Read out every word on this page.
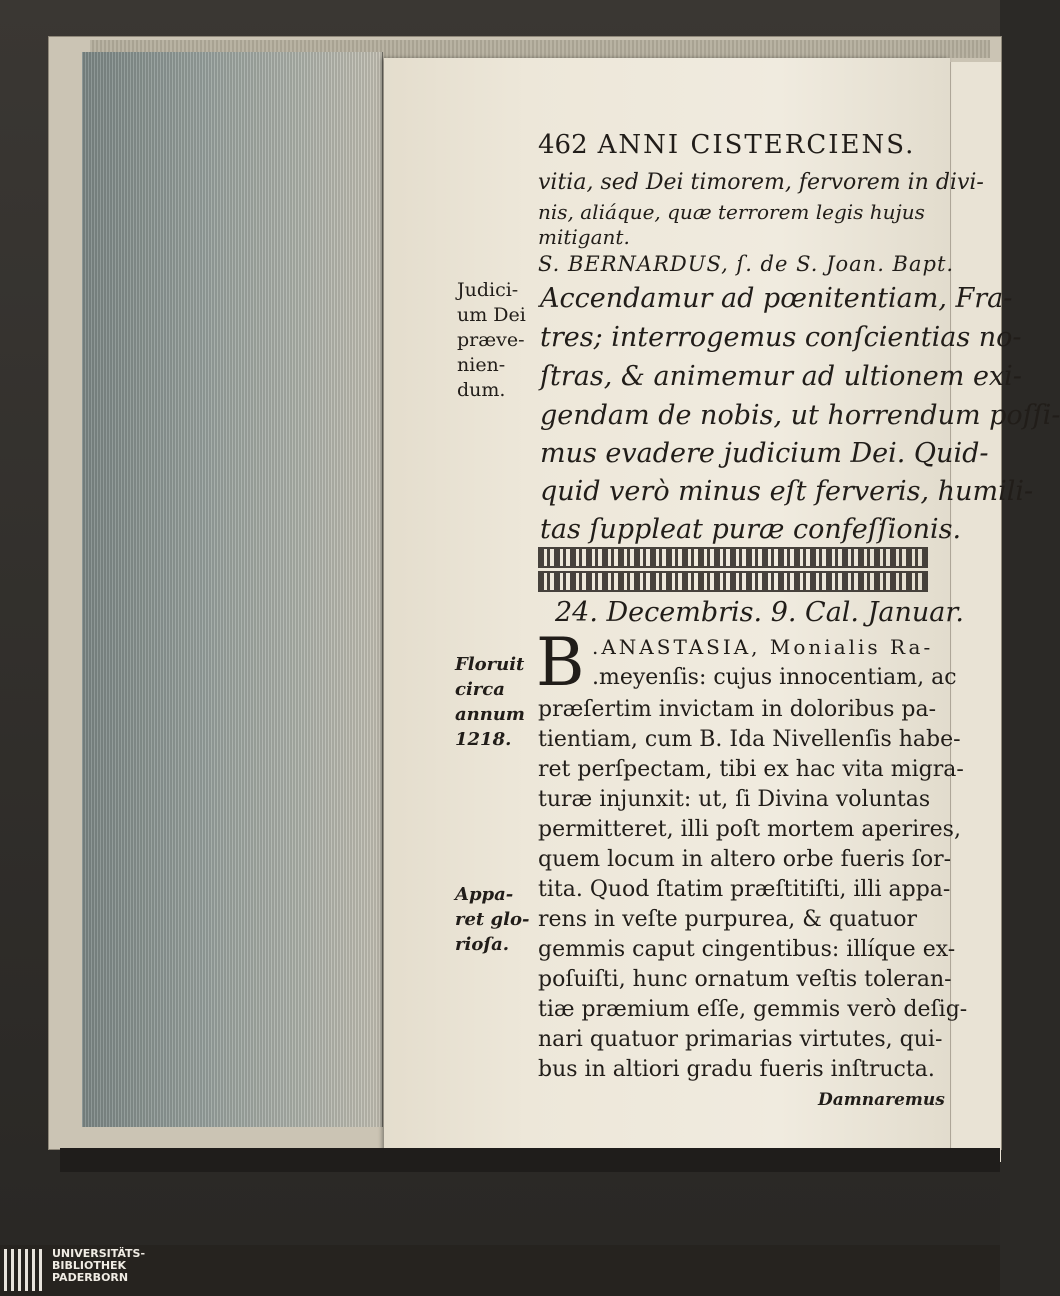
462 ANNI CISTERCIENS.
vitia, sed Dei timorem, fervorem in divi-
nis, aliáque, quæ terrorem legis hujus
mitigant.
S. BERNARDUS, ſ. de S. Joan. Bapt.
Accendamur ad pœnitentiam, Fra-
tres; interrogemus conſcientias no-
ſtras, & animemur ad ultionem exi-
gendam de nobis, ut horrendum poſſi-
mus evadere judicium Dei. Quid-
quid verò minus eſt ferveris, humili-
tas ſuppleat puræ confeſſionis.
Judici-
um Dei
præve-
nien-
dum.
24. Decembris. 9. Cal. Januar.
B .ANASTASIA, Monialis Ra-
.meyenſis: cujus innocentiam, ac
præſertim invictam in doloribus pa-
tientiam, cum B. Ida Nivellenſis habe-
ret perſpectam, tibi ex hac vita migra-
turæ injunxit: ut, ſi Divina voluntas
permitteret, illi poſt mortem aperires,
quem locum in altero orbe fueris ſor-
tita. Quod ſtatim præſtitiſti, illi appa-
rens in veſte purpurea, & quatuor
gemmis caput cingentibus: illíque ex-
poſuiſti, hunc ornatum veſtis toleran-
tiæ præmium eſſe, gemmis verò deſig-
nari quatuor primarias virtutes, qui-
bus in altiori gradu fueris inſtructa.
Floruit
circa
annum
1218.
Appa-
ret glo-
rioſa.
Damnaremus
UNIVERSITÄTS-
BIBLIOTHEK
PADERBORN
